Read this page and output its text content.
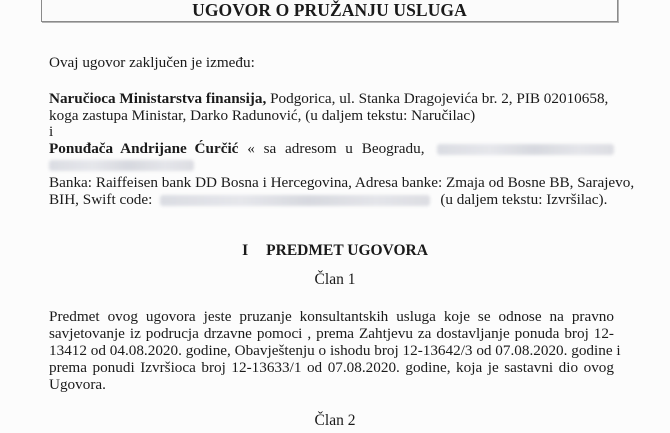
UGOVOR O PRUŽANJU USLUGA
Ovaj ugovor zaključen je između:
Naručioca Ministarstva finansija, Podgorica, ul. Stanka Dragojevića br. 2, PIB 02010658,
koga zastupa Ministar, Darko Radunović, (u daljem tekstu: Naručilac)
i
Ponuđača Andrijane Ćurčić « sa adresom u Beogradu,
Banka: Raiffeisen bank DD Bosna i Hercegovina, Adresa banke: Zmaja od Bosne BB, Sarajevo,
BIH, Swift code:	(u daljem tekstu: Izvršilac).
I PREDMET UGOVORA
Član 1
Predmet ovog ugovora jeste pruzanje konsultantskih usluga koje se odnose na pravno
savjetovanje iz podrucja drzavne pomoci , prema Zahtjevu za dostavljanje ponuda broj 12-
13412 od 04.08.2020. godine, Obavještenju o ishodu broj 12-13642/3 od 07.08.2020. godine i
prema ponudi Izvršioca broj 12-13633/1 od 07.08.2020. godine, koja je sastavni dio ovog
Ugovora.
Član 2
